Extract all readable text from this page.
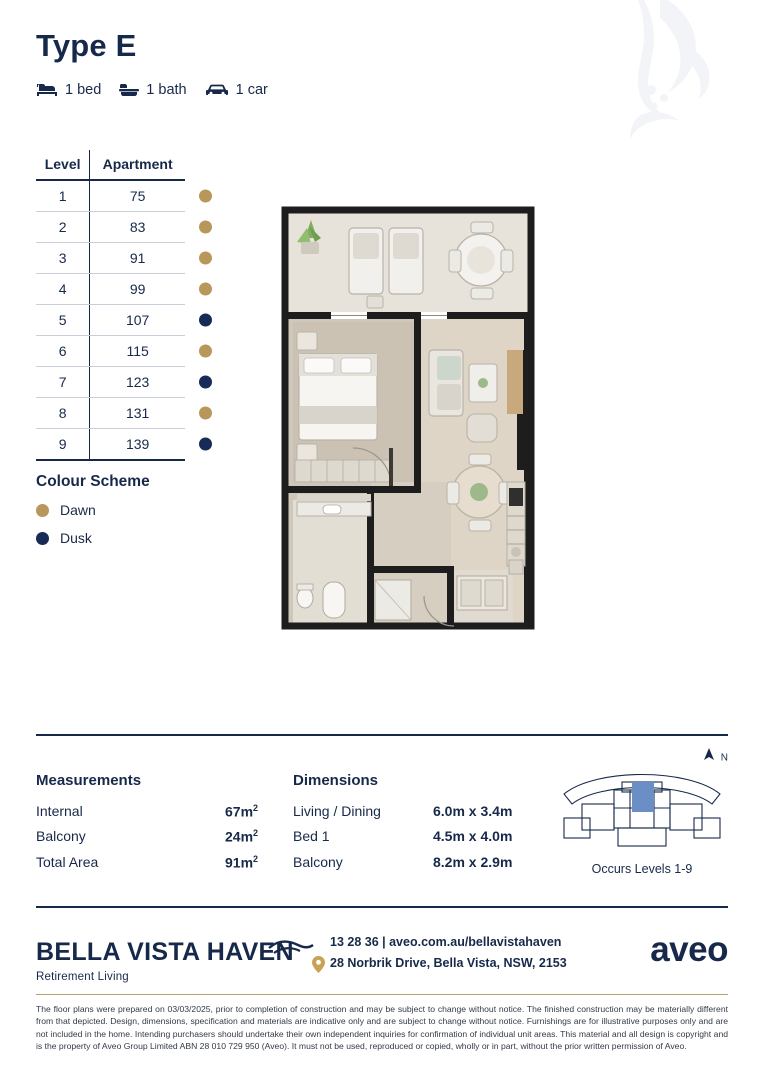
Type E
1 bed	1 bath	1 car
Level	Apartment	
1	75	

2	83	

3	91	

4	99	

5	107	

6	115	

7	123	

8	131	

9	139	
Colour Scheme
Dawn
Dusk
Measurements
Internal	$67m^2$
Balcony	$24m^2$
Total Area	$91m^2$
Dimensions
Living / Dining	6.0m x 3.4m
Bed 1	4.5m x 4.0m
Balcony	8.2m x 2.9m
N
Occurs Levels 1-9
BELLA VISTA HAVEN
Retirement Living
13 28 36 | aveo.com.au/bellavistahaven
28 Norbrik Drive, Bella Vista, NSW, 2153 aveo
The floor plans were prepared on 03/03/2025, prior to completion of construction and may be subject to change without notice. The finished construction may be materially different from that depicted. Design, dimensions, specification and materials are indicative only and are subject to change without notice. Furnishings are for illustrative purposes only and are not included in the home. Intending purchasers should undertake their own independent inquiries for confirmation of individual unit areas. This material and all design is copyright and is the property of Aveo Group Limited ABN 28 010 729 950 (Aveo). It must not be used, reproduced or copied, wholly or in part, without the prior written permission of Aveo.
